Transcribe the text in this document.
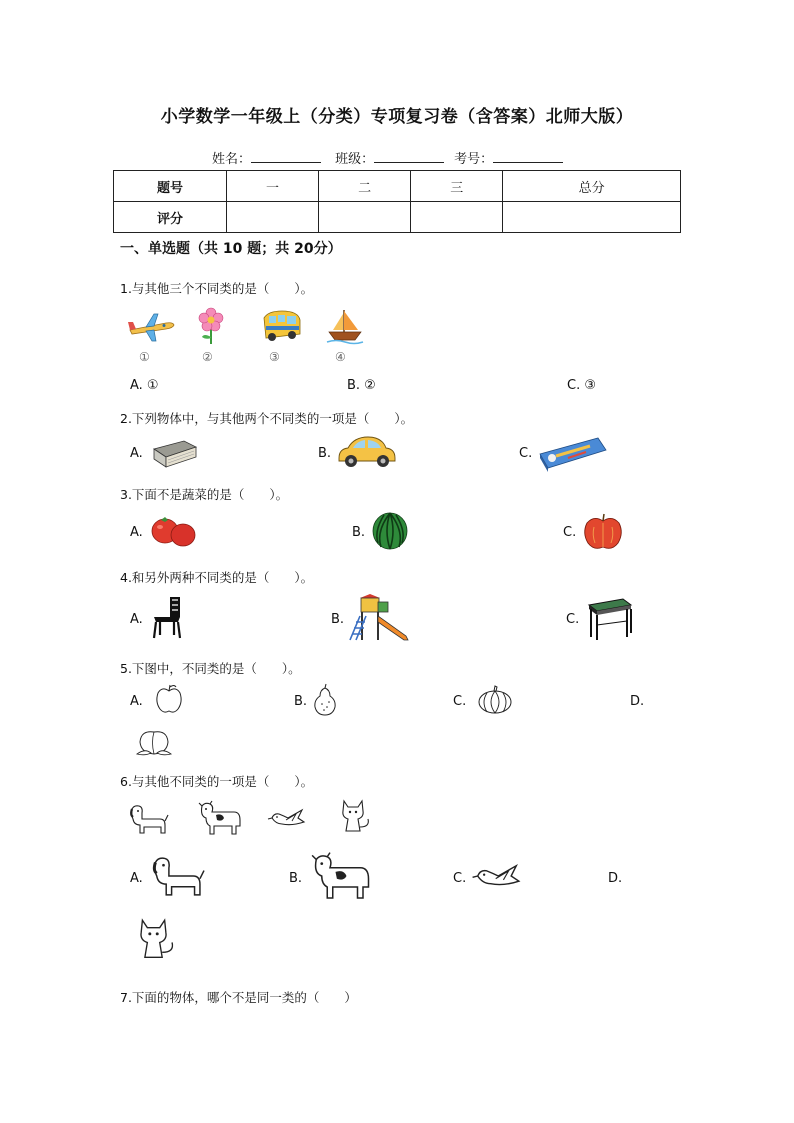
小学数学一年级上（分类）专项复习卷（含答案）北师大版）
姓名：	班级：	考号：
题号	一	二	三	总分
评分				
一、单选题（共 10 题；共 20分）
1.与其他三个不同类的是（　　）。
①	②	③	④
A. ①	B. ②	C. ③
2.下列物体中，与其他两个不同类的一项是（　　）。
A.	B.	C.
3.下面不是蔬菜的是（　　）。
A.	B.	C.
4.和另外两种不同类的是（　　）。
A.	B.	C.
5.下图中，不同类的是（　　）。
A.	B.	C.	D.
6.与其他不同类的一项是（　　）。
A.	B.	C.	D.
7.下面的物体，哪个不是同一类的（　　）
